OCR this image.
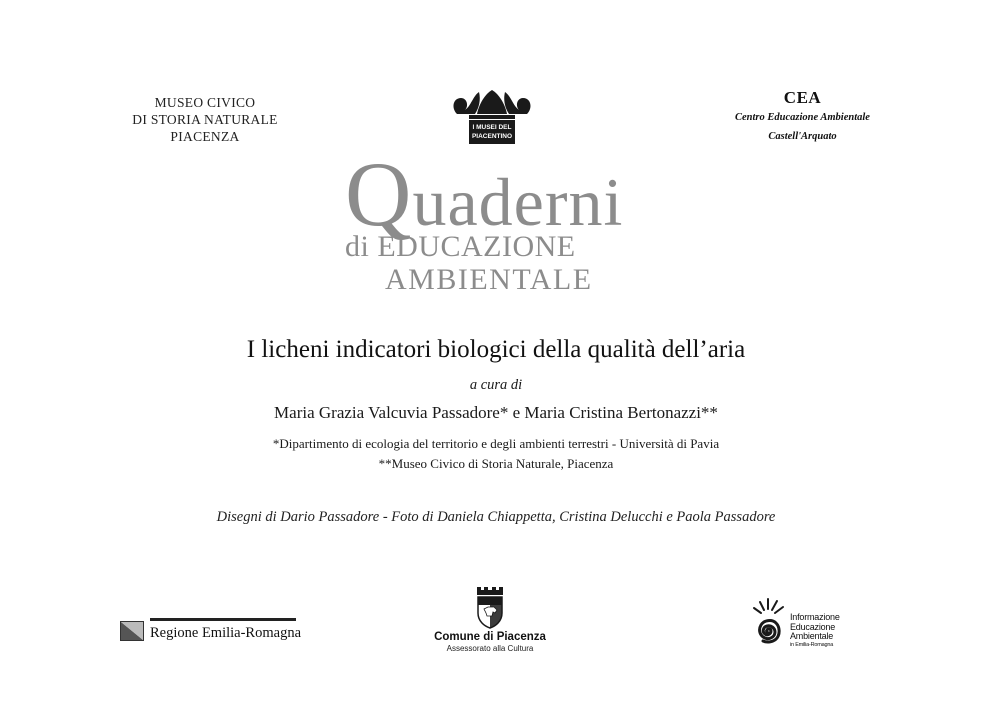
MUSEO CIVICO
DI STORIA NATURALE
PIACENZA
I MUSEI DEL
PIACENTINO
CEA
Centro Educazione Ambientale
Castell'Arquato
Quaderni
di EDUCAZIONE
AMBIENTALE
I licheni indicatori biologici della qualità dell’aria
a cura di
Maria Grazia Valcuvia Passadore* e Maria Cristina Bertonazzi**
*Dipartimento di ecologia del territorio e degli ambienti terrestri - Università di Pavia
**Museo Civico di Storia Naturale, Piacenza
Disegni di Dario Passadore - Foto di Daniela Chiappetta, Cristina Delucchi e Paola Passadore
Regione Emilia-Romagna	Comune di Piacenza
Assessorato alla Cultura
Informazione
Educazione
Ambientale
in Emilia-Romagna
